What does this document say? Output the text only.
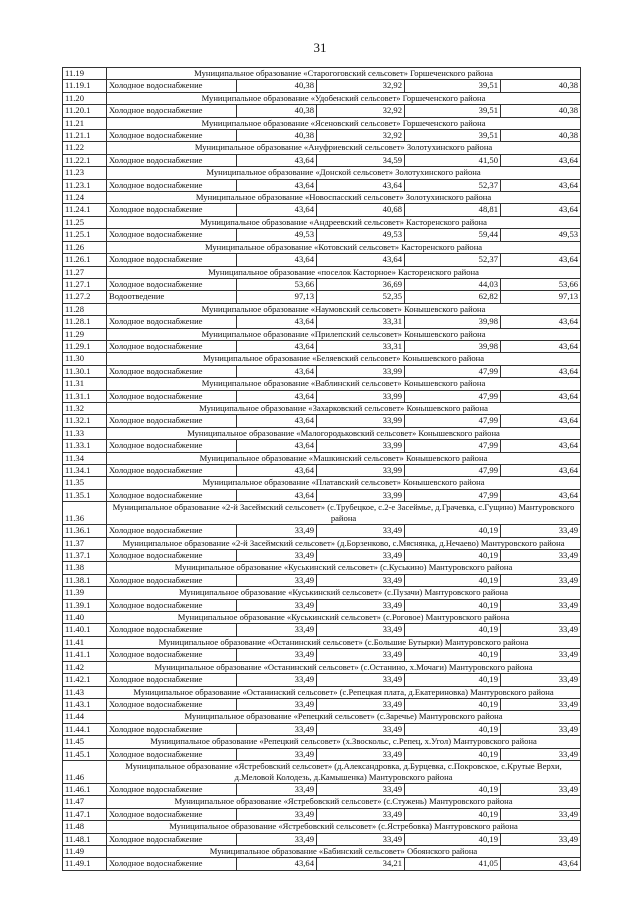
31
11.19	Муниципальное образование «Старогоговский сельсовет» Горшеченского района				
11.19.1	Холодное водоснабжение	40,38	32,92	39,51	40,38
11.20	Муниципальное образование «Удобенский сельсовет» Горшеченского района				
11.20.1	Холодное водоснабжение	40,38	32,92	39,51	40,38
11.21	Муниципальное образование «Ясеновский сельсовет» Горшеченского района				
11.21.1	Холодное водоснабжение	40,38	32,92	39,51	40,38
11.22	Муниципальное образование «Ануфриевский сельсовет» Золотухинского района				
11.22.1	Холодное водоснабжение	43,64	34,59	41,50	43,64
11.23	Муниципальное образование «Донской сельсовет» Золотухинского района				
11.23.1	Холодное водоснабжение	43,64	43,64	52,37	43,64
11.24	Муниципальное образование «Новоспасский сельсовет» Золотухинского района				
11.24.1	Холодное водоснабжение	43,64	40,68	48,81	43,64
11.25	Муниципальное образование «Андреевский сельсовет» Касторенского района				
11.25.1	Холодное водоснабжение	49,53	49,53	59,44	49,53
11.26	Муниципальное образование «Котовский сельсовет» Касторенского района				
11.26.1	Холодное водоснабжение	43,64	43,64	52,37	43,64
11.27	Муниципальное образование «поселок Касторное» Касторенского района				
11.27.1	Холодное водоснабжение	53,66	36,69	44,03	53,66
11.27.2	Водоотведение	97,13	52,35	62,82	97,13
11.28	Муниципальное образование «Наумовский сельсовет» Конышевского района				
11.28.1	Холодное водоснабжение	43,64	33,31	39,98	43,64
11.29	Муниципальное образование «Прилепский сельсовет» Конышевского района				
11.29.1	Холодное водоснабжение	43,64	33,31	39,98	43,64
11.30	Муниципальное образование «Беляевский сельсовет» Конышевского района				
11.30.1	Холодное водоснабжение	43,64	33,99	47,99	43,64
11.31	Муниципальное образование «Ваблинский сельсовет» Конышевского района				
11.31.1	Холодное водоснабжение	43,64	33,99	47,99	43,64
11.32	Муниципальное образование «Захарковский сельсовет» Конышевского района				
11.32.1	Холодное водоснабжение	43,64	33,99	47,99	43,64
11.33	Муниципальное образование «Малогородьковский сельсовет» Конышевского района				
11.33.1	Холодное водоснабжение	43,64	33,99	47,99	43,64
11.34	Муниципальное образование «Машкинский сельсовет» Конышевского района				
11.34.1	Холодное водоснабжение	43,64	33,99	47,99	43,64
11.35	Муниципальное образование «Платавский сельсовет» Конышевского района				
11.35.1	Холодное водоснабжение	43,64	33,99	47,99	43,64
11.36	Муниципальное образование «2-й Засеймский сельсовет» (с.Трубецкое, с.2-е Засеймье, д.Грачевка, с.Гущино) Мантуровского района				
11.36.1	Холодное водоснабжение	33,49	33,49	40,19	33,49
11.37	Муниципальное образование «2-й Засеймский сельсовет» (д.Борзенково, с.Мяснянка, д.Нечаево) Мантуровского района				
11.37.1	Холодное водоснабжение	33,49	33,49	40,19	33,49
11.38	Муниципальное образование «Куськинский сельсовет» (с.Куськино) Мантуровского района				
11.38.1	Холодное водоснабжение	33,49	33,49	40,19	33,49
11.39	Муниципальное образование «Куськинский сельсовет» (с.Пузачи) Мантуровского района				
11.39.1	Холодное водоснабжение	33,49	33,49	40,19	33,49
11.40	Муниципальное образование «Куськинский сельсовет» (с.Роговое) Мантуровского района				
11.40.1	Холодное водоснабжение	33,49	33,49	40,19	33,49
11.41	Муниципальное образование «Останинский сельсовет» (с.Большие Бутырки) Мантуровского района				
11.41.1	Холодное водоснабжение	33,49	33,49	40,19	33,49
11.42	Муниципальное образование «Останинский сельсовет» (с.Останино, х.Мочаги) Мантуровского района				
11.42.1	Холодное водоснабжение	33,49	33,49	40,19	33,49
11.43	Муниципальное образование «Останинский сельсовет» (с.Репецкая плата, д.Екатериновка) Мантуровского района				
11.43.1	Холодное водоснабжение	33,49	33,49	40,19	33,49
11.44	Муниципальное образование «Репецкий сельсовет» (с.Заречье) Мантуровского района				
11.44.1	Холодное водоснабжение	33,49	33,49	40,19	33,49
11.45	Муниципальное образование «Репецкий сельсовет» (х.Звоскольс, с.Репец, х.Угол) Мантуровского района				
11.45.1	Холодное водоснабжение	33,49	33,49	40,19	33,49
11.46	Муниципальное образование «Ястребовский сельсовет» (д.Александровка, д.Бурцевка, с.Покровское, с.Крутые Верхи, д.Меловой Колодезь, д.Камышенка) Мантуровского района				
11.46.1	Холодное водоснабжение	33,49	33,49	40,19	33,49
11.47	Муниципальное образование «Ястребовский сельсовет» (с.Стужень) Мантуровского района				
11.47.1	Холодное водоснабжение	33,49	33,49	40,19	33,49
11.48	Муниципальное образование «Ястребовский сельсовет» (с.Ястребовка) Мантуровского района				
11.48.1	Холодное водоснабжение	33,49	33,49	40,19	33,49
11.49	Муниципальное образование «Бабинский сельсовет» Обоянского района				
11.49.1	Холодное водоснабжение	43,64	34,21	41,05	43,64
